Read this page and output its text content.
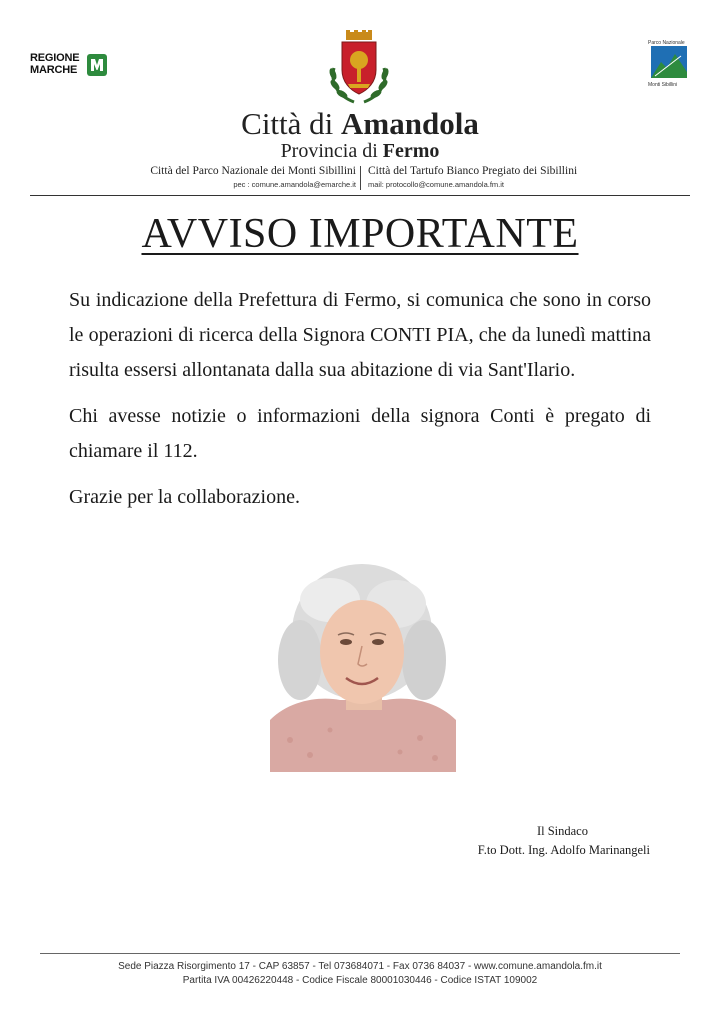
REGIONE
MARCHE
Parco Nazionale
Monti Sibillini
Città di Amandola
Provincia di Fermo
Città del Parco Nazionale dei Monti Sibillini
pec : comune.amandola@emarche.it
Città del Tartufo Bianco Pregiato dei Sibillini
mail: protocollo@comune.amandola.fm.it
AVVISO IMPORTANTE

Su indicazione della Prefettura di Fermo, si comunica che sono in corso le operazioni di ricerca della Signora CONTI PIA, che da lunedì mattina risulta essersi allontanata dalla sua abitazione di via Sant'Ilario.

Chi avesse notizie o informazioni della signora Conti è pregato di chiamare il 112.

Grazie per la collaborazione.

Il Sindaco
F.to Dott. Ing. Adolfo Marinangeli
Sede Piazza Risorgimento 17 - CAP 63857 - Tel 073684071 - Fax 0736 84037 - www.comune.amandola.fm.it
Partita IVA 00426220448 - Codice Fiscale 80001030446 - Codice ISTAT 109002
